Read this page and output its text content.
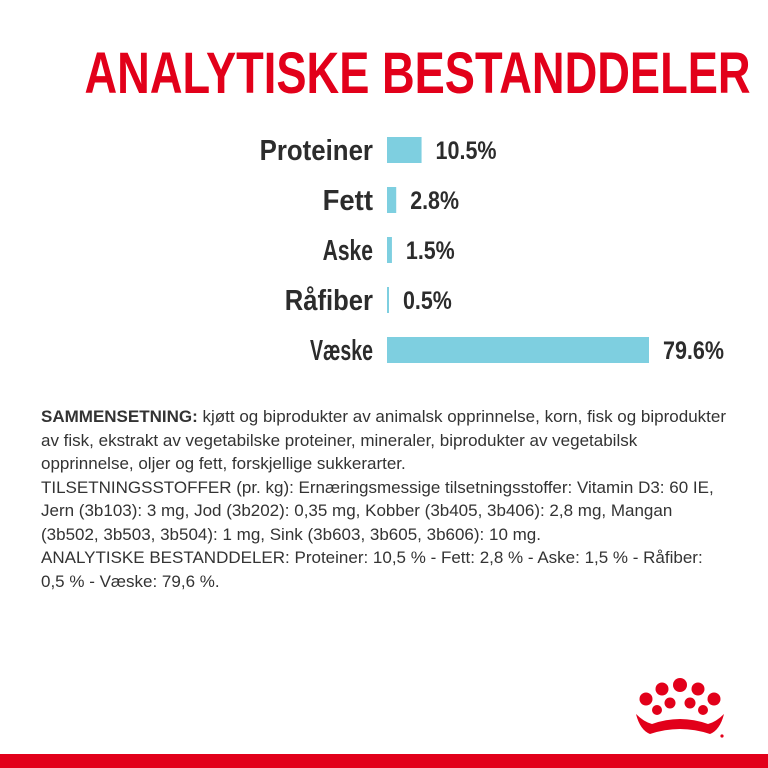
ANALYTISKE BESTANDDELER
Proteiner	10.5%
Fett 2.8%
Aske 1.5%
Råfiber 0.5%
Væske	79.6%

SAMMENSETNING: kjøtt og biprodukter av animalsk opprinnelse, korn, fisk og biprodukter av fisk, ekstrakt av vegetabilske proteiner, mineraler, biprodukter av vegetabilsk opprinnelse, oljer og fett, forskjellige sukkerarter.

TILSETNINGSSTOFFER (pr. kg): Ernæringsmessige tilsetningsstoffer: Vitamin D3: 60 IE, Jern (3b103): 3 mg, Jod (3b202): 0,35 mg, Kobber (3b405, 3b406): 2,8 mg, Mangan (3b502, 3b503, 3b504): 1 mg, Sink (3b603, 3b605, 3b606): 10 mg.

ANALYTISKE BESTANDDELER: Proteiner: 10,5 % - Fett: 2,8 % - Aske: 1,5 % - Råfiber: 0,5 % - Væske: 79,6 %.
